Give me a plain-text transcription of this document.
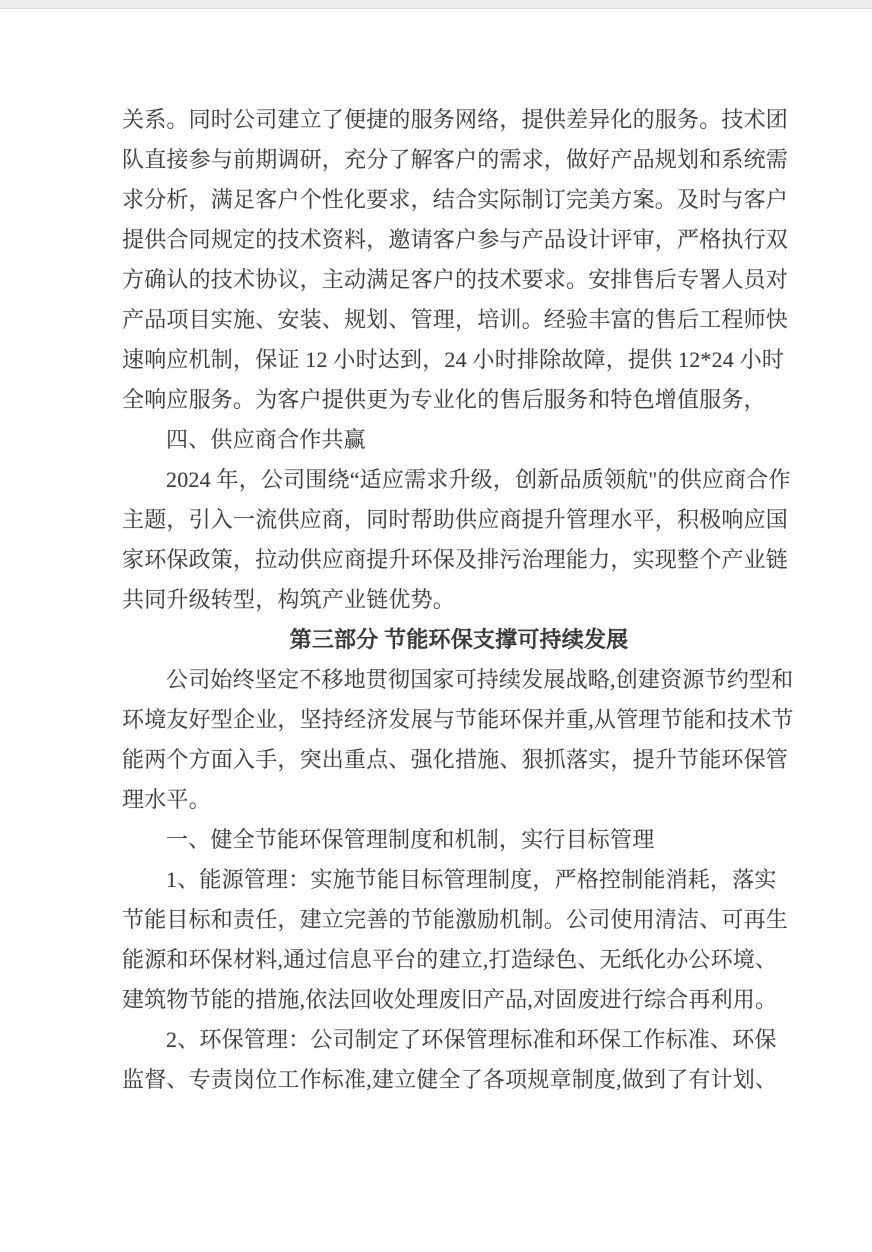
关系。同时公司建立了便捷的服务网络，提供差异化的服务。技术团队直接参与前期调研，充分了解客户的需求，做好产品规划和系统需求分析，满足客户个性化要求，结合实际制订完美方案。及时与客户提供合同规定的技术资料，邀请客户参与产品设计评审，严格执行双方确认的技术协议，主动满足客户的技术要求。安排售后专署人员对产品项目实施、安装、规划、管理，培训。经验丰富的售后工程师快速响应机制，保证 12 小时达到，24 小时排除故障，提供 12*24 小时全响应服务。为客户提供更为专业化的售后服务和特色增值服务，

四、供应商合作共赢

2024 年，公司围绕“适应需求升级，创新品质领航"的供应商合作主题，引入一流供应商，同时帮助供应商提升管理水平，积极响应国家环保政策，拉动供应商提升环保及排污治理能力，实现整个产业链共同升级转型，构筑产业链优势。

第三部分 节能环保支撑可持续发展

公司始终坚定不移地贯彻国家可持续发展战略,创建资源节约型和环境友好型企业，坚持经济发展与节能环保并重,从管理节能和技术节能两个方面入手，突出重点、强化措施、狠抓落实，提升节能环保管理水平。

一、健全节能环保管理制度和机制，实行目标管理

1、能源管理：实施节能目标管理制度，严格控制能消耗，落实节能目标和责任，建立完善的节能激励机制。公司使用清洁、可再生能源和环保材料,通过信息平台的建立,打造绿色、无纸化办公环境、建筑物节能的措施,依法回收处理废旧产品,对固废进行综合再利用。

2、环保管理：公司制定了环保管理标准和环保工作标准、环保监督、专责岗位工作标准,建立健全了各项规章制度,做到了有计划、
